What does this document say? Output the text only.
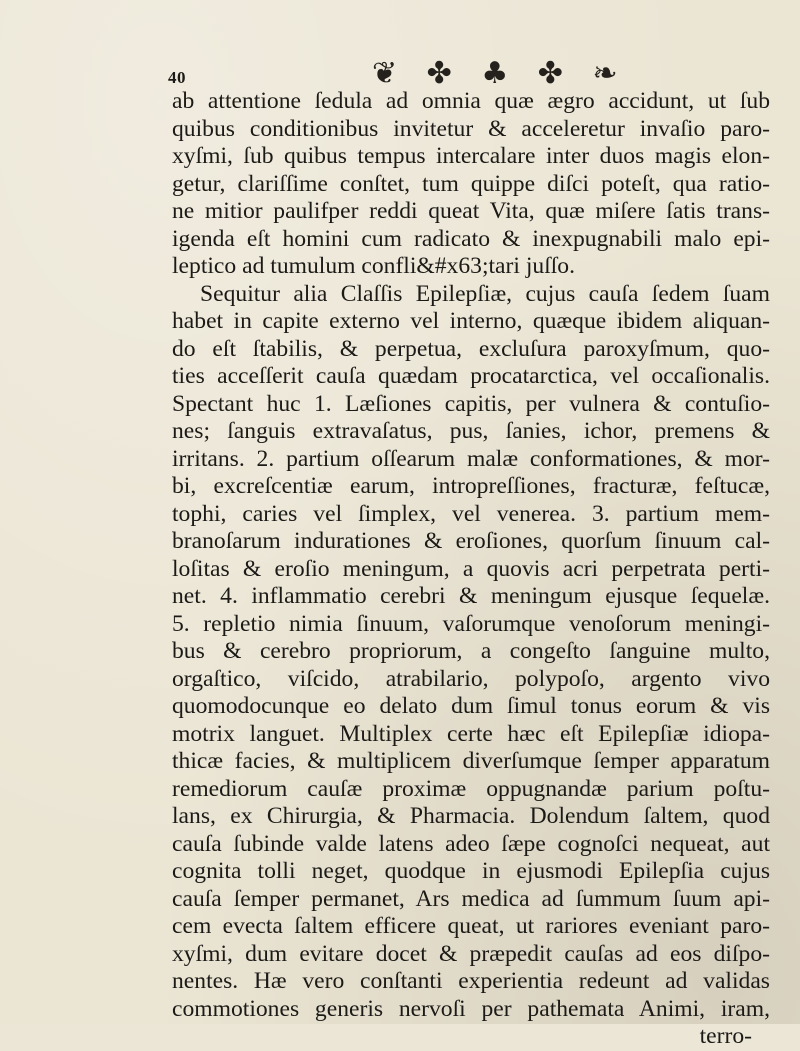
40	❦ ✤ ♣ ✤ ❧
ab attentione ſedula ad omnia quæ ægro accidunt, ut ſub
quibus conditionibus invitetur & acceleretur invaſio paro-
xyſmi, ſub quibus tempus intercalare inter duos magis elon-
getur, clariſſime conſtet, tum quippe diſci poteſt, qua ratio-
ne mitior paulifper reddi queat Vita, quæ miſere ſatis trans-
igenda eſt homini cum radicato & inexpugnabili malo epi-
leptico ad tumulum confli&#x63;tari juſſo.
Sequitur alia Claſſis Epilepſiæ, cujus cauſa ſedem ſuam
habet in capite externo vel interno, quæque ibidem aliquan-
do eſt ſtabilis, & perpetua, excluſura paroxyſmum, quo-
ties acceſſerit cauſa quædam procatarctica, vel occaſionalis.
Spectant huc 1. Læſiones capitis, per vulnera & contuſio-
nes; ſanguis extravaſatus, pus, ſanies, ichor, premens &
irritans. 2. partium oſſearum malæ conformationes, & mor-
bi, excreſcentiæ earum, intropreſſiones, fracturæ, feſtucæ,
tophi, caries vel ſimplex, vel venerea. 3. partium mem-
branoſarum indurationes & eroſiones, quorſum ſinuum cal-
loſitas & eroſio meningum, a quovis acri perpetrata perti-
net. 4. inflammatio cerebri & meningum ejusque ſequelæ.
5. repletio nimia ſinuum, vaſorumque venoſorum meningi-
bus & cerebro propriorum, a congeſto ſanguine multo,
orgaſtico, viſcido, atrabilario, polypoſo, argento vivo
quomodocunque eo delato dum ſimul tonus eorum & vis
motrix languet. Multiplex certe hæc eſt Epilepſiæ idiopa-
thicæ facies, & multiplicem diverſumque ſemper apparatum
remediorum cauſæ proximæ oppugnandæ parium poſtu-
lans, ex Chirurgia, & Pharmacia. Dolendum ſaltem, quod
cauſa ſubinde valde latens adeo ſæpe cognoſci nequeat, aut
cognita tolli neget, quodque in ejusmodi Epilepſia cujus
cauſa ſemper permanet, Ars medica ad ſummum ſuum api-
cem evecta ſaltem efficere queat, ut rariores eveniant paro-
xyſmi, dum evitare docet & præpedit cauſas ad eos diſpo-
nentes. Hæ vero conſtanti experientia redeunt ad validas
commotiones generis nervoſi per pathemata Animi, iram,
terro-
